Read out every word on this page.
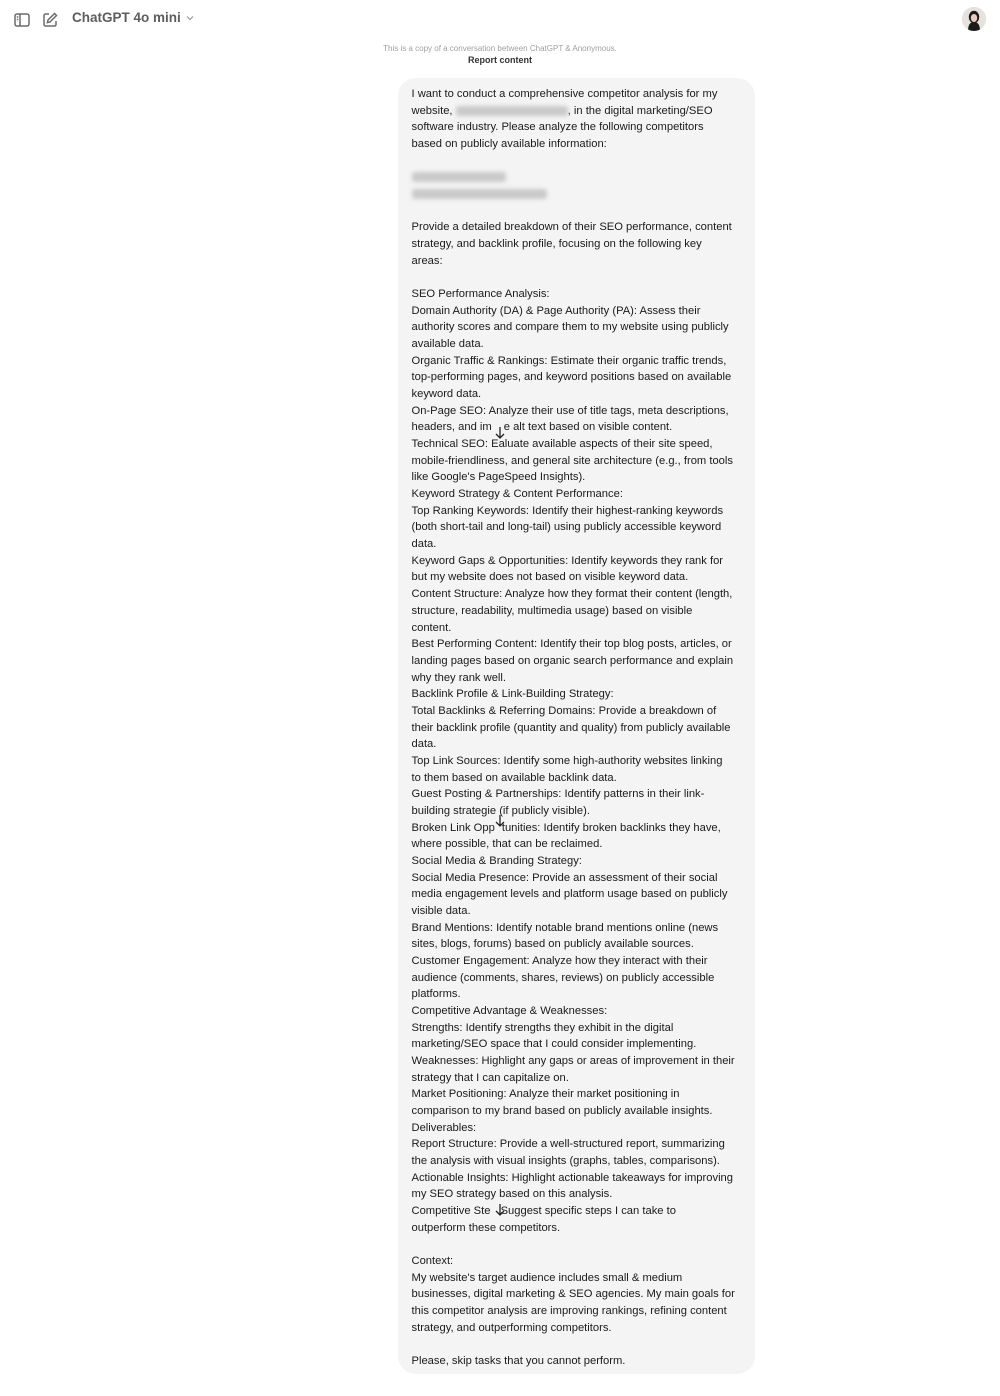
ChatGPT 4o mini
This is a copy of a conversation between ChatGPT & Anonymous.
Report content
I want to conduct a comprehensive competitor analysis for my
website,	, in the digital marketing/SEO
software industry. Please analyze the following competitors
based on publicly available information:
Provide a detailed breakdown of their SEO performance, content
strategy, and backlink profile, focusing on the following key
areas:
SEO Performance Analysis:
Domain Authority (DA) & Page Authority (PA): Assess their
authority scores and compare them to my website using publicly
available data.
Organic Traffic & Rankings: Estimate their organic traffic trends,
top-performing pages, and keyword positions based on available
keyword data.
On-Page SEO: Analyze their use of title tags, meta descriptions,
headers, and im e alt text based on visible content.
Technical SEO: Ealuate available aspects of their site speed,
mobile-friendliness, and general site architecture (e.g., from tools
like Google's PageSpeed Insights).
Keyword Strategy & Content Performance:
Top Ranking Keywords: Identify their highest-ranking keywords
(both short-tail and long-tail) using publicly accessible keyword
data.
Keyword Gaps & Opportunities: Identify keywords they rank for
but my website does not based on visible keyword data.
Content Structure: Analyze how they format their content (length,
structure, readability, multimedia usage) based on visible
content.
Best Performing Content: Identify their top blog posts, articles, or
landing pages based on organic search performance and explain
why they rank well.
Backlink Profile & Link-Building Strategy:
Total Backlinks & Referring Domains: Provide a breakdown of
their backlink profile (quantity and quality) from publicly available
data.
Top Link Sources: Identify some high-authority websites linking
to them based on available backlink data.
Guest Posting & Partnerships: Identify patterns in their link-
building strategie (if publicly visible).
Broken Link Opp tunities: Identify broken backlinks they have,
where possible, that can be reclaimed.
Social Media & Branding Strategy:
Social Media Presence: Provide an assessment of their social
media engagement levels and platform usage based on publicly
visible data.
Brand Mentions: Identify notable brand mentions online (news
sites, blogs, forums) based on publicly available sources.
Customer Engagement: Analyze how they interact with their
audience (comments, shares, reviews) on publicly accessible
platforms.
Competitive Advantage & Weaknesses:
Strengths: Identify strengths they exhibit in the digital
marketing/SEO space that I could consider implementing.
Weaknesses: Highlight any gaps or areas of improvement in their
strategy that I can capitalize on.
Market Positioning: Analyze their market positioning in
comparison to my brand based on publicly available insights.
Deliverables:
Report Structure: Provide a well-structured report, summarizing
the analysis with visual insights (graphs, tables, comparisons).
Actionable Insights: Highlight actionable takeaways for improving
my SEO strategy based on this analysis.
Competitive Ste Suggest specific steps I can take to
outperform these competitors.
Context:
My website's target audience includes small & medium
businesses, digital marketing & SEO agencies. My main goals for
this competitor analysis are improving rankings, refining content
strategy, and outperforming competitors.
Please, skip tasks that you cannot perform.
